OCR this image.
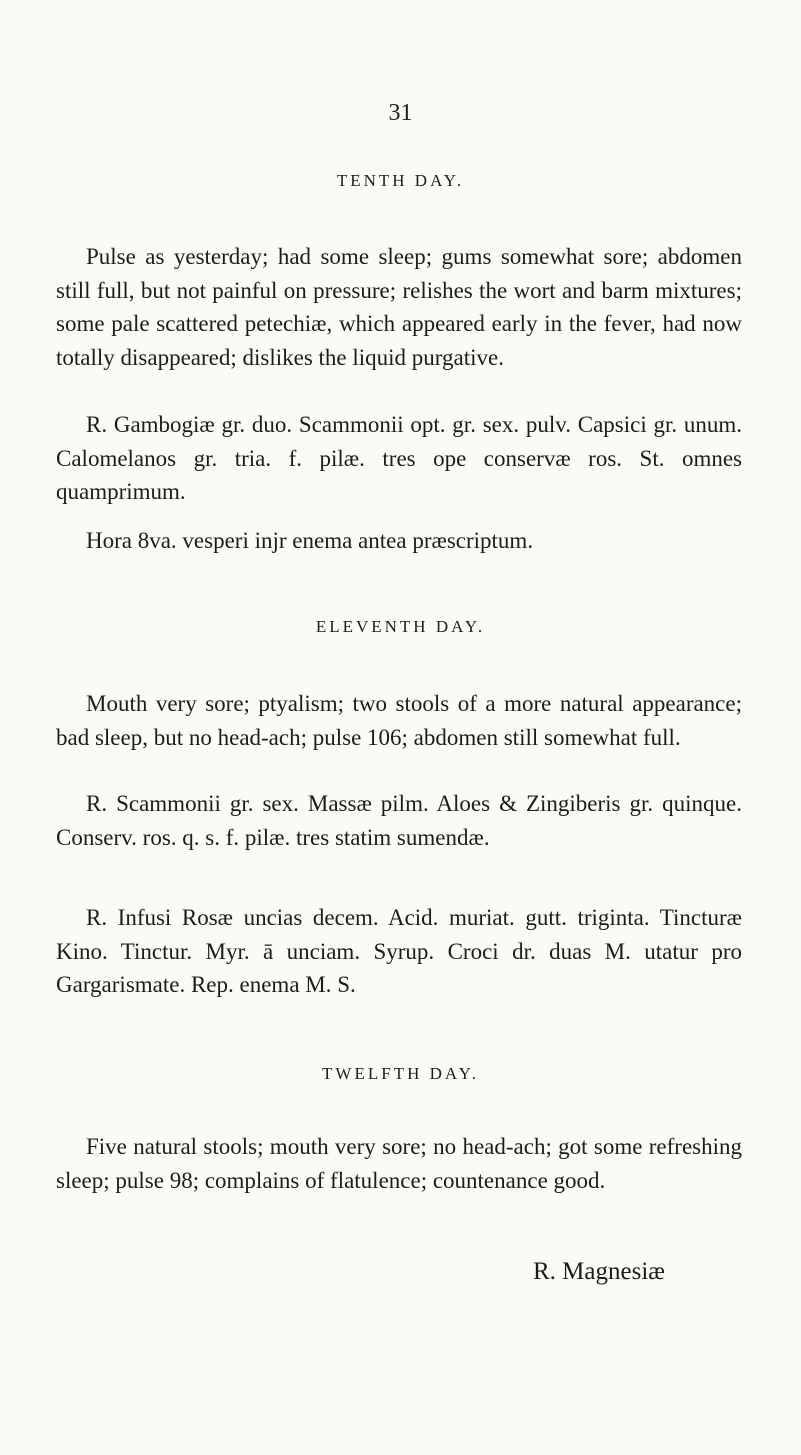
31
TENTH DAY.
Pulse as yesterday; had some sleep; gums somewhat sore; abdomen still full, but not painful on pressure; relishes the wort and barm mixtures; some pale scattered petechiæ, which appeared early in the fever, had now totally disappeared; dislikes the liquid purgative.
R. Gambogiæ gr. duo. Scammonii opt. gr. sex. pulv. Capsici gr. unum. Calomelanos gr. tria. f. pilæ. tres ope conservæ ros. St. omnes quamprimum.
Hora 8va. vesperi injr enema antea præscriptum.
ELEVENTH DAY.
Mouth very sore; ptyalism; two stools of a more natural appearance; bad sleep, but no head-ach; pulse 106; abdomen still somewhat full.
R. Scammonii gr. sex. Massæ pilm. Aloes & Zingiberis gr. quinque. Conserv. ros. q. s. f. pilæ. tres statim sumendæ.
R. Infusi Rosæ uncias decem. Acid. muriat. gutt. triginta. Tincturæ Kino. Tinctur. Myr. ā unciam. Syrup. Croci dr. duas M. utatur pro Gargarismate. Rep. enema M. S.
TWELFTH DAY.
Five natural stools; mouth very sore; no head-ach; got some refreshing sleep; pulse 98; complains of flatulence; countenance good.
R. Magnesiæ
